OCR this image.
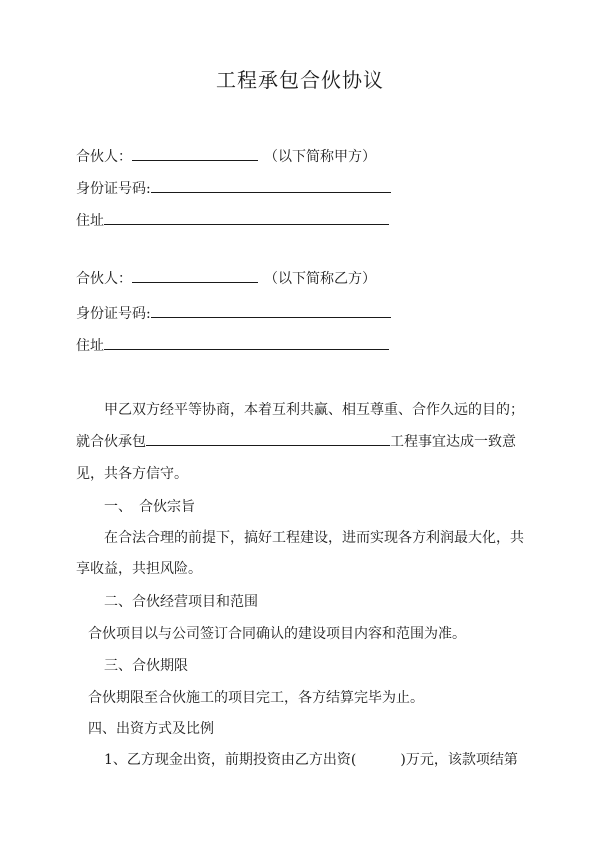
工程承包合伙协议
合伙人：	（以下简称甲方）
身份证号码:
住址
合伙人：	（以下简称乙方）
身份证号码:
住址
甲乙双方经平等协商，本着互利共赢、相互尊重、合作久远的目的；
就合伙承包	工程事宜达成一致意
见，共各方信守。
一、　合伙宗旨
在合法合理的前提下，搞好工程建设，进而实现各方利润最大化，共
享收益，共担风险。
二、合伙经营项目和范围
合伙项目以与公司签订合同确认的建设项目内容和范围为准。
三、合伙期限
合伙期限至合伙施工的项目完工，各方结算完毕为止。
四、出资方式及比例
1、乙方现金出资，前期投资由乙方出资(	)万元，该款项结第
